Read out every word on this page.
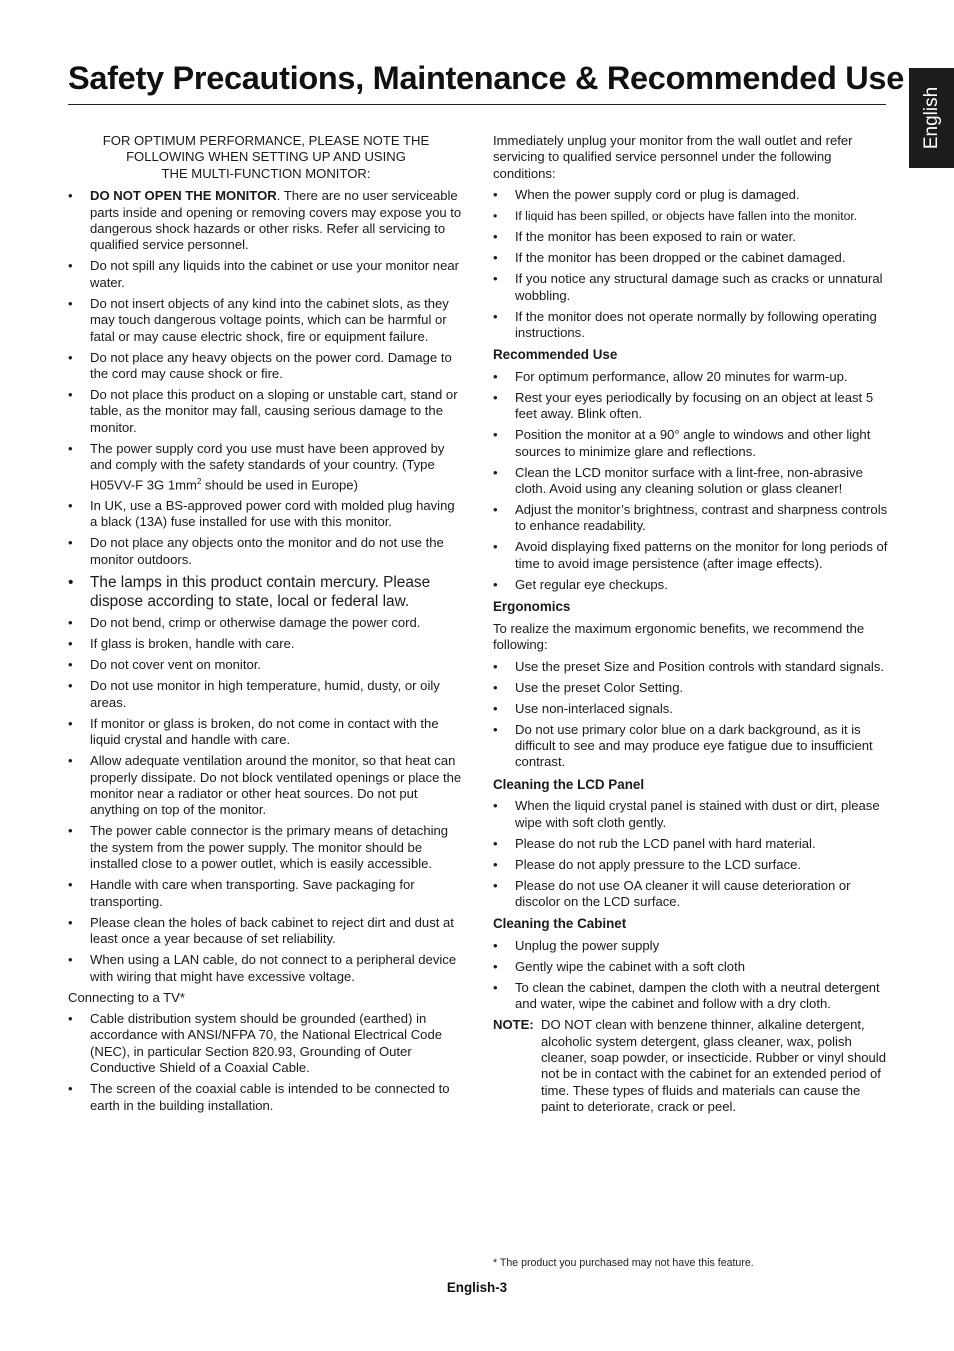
Safety Precautions, Maintenance & Recommended Use
English
FOR OPTIMUM PERFORMANCE, PLEASE NOTE THE
FOLLOWING WHEN SETTING UP AND USING
THE MULTI-FUNCTION MONITOR:
• DO NOT OPEN THE MONITOR. There are no user serviceable parts inside and opening or removing covers may expose you to dangerous shock hazards or other risks. Refer all servicing to qualified service personnel.
• Do not spill any liquids into the cabinet or use your monitor near water.
• Do not insert objects of any kind into the cabinet slots, as they may touch dangerous voltage points, which can be harmful or fatal or may cause electric shock, fire or equipment failure.
• Do not place any heavy objects on the power cord. Damage to the cord may cause shock or fire.
• Do not place this product on a sloping or unstable cart, stand or table, as the monitor may fall, causing serious damage to the monitor.
• The power supply cord you use must have been approved by and comply with the safety standards of your country. (Type H05VV-F 3G $1mm^2$ should be used in Europe)
• In UK, use a BS-approved power cord with molded plug having a black (13A) fuse installed for use with this monitor.
• Do not place any objects onto the monitor and do not use the monitor outdoors.
• The lamps in this product contain mercury. Please dispose according to state, local or federal law.
• Do not bend, crimp or otherwise damage the power cord.
• If glass is broken, handle with care.
• Do not cover vent on monitor.
• Do not use monitor in high temperature, humid, dusty, or oily areas.
• If monitor or glass is broken, do not come in contact with the liquid crystal and handle with care.
• Allow adequate ventilation around the monitor, so that heat can properly dissipate. Do not block ventilated openings or place the monitor near a radiator or other heat sources. Do not put anything on top of the monitor.
• The power cable connector is the primary means of detaching the system from the power supply. The monitor should be installed close to a power outlet, which is easily accessible.
• Handle with care when transporting. Save packaging for transporting.
• Please clean the holes of back cabinet to reject dirt and dust at least once a year because of set reliability.
• When using a LAN cable, do not connect to a peripheral device with wiring that might have excessive voltage.
Connecting to a TV*
• Cable distribution system should be grounded (earthed) in accordance with ANSI/NFPA 70, the National Electrical Code (NEC), in particular Section 820.93, Grounding of Outer Conductive Shield of a Coaxial Cable.
• The screen of the coaxial cable is intended to be connected to earth in the building installation.
Immediately unplug your monitor from the wall outlet and refer servicing to qualified service personnel under the following conditions:
• When the power supply cord or plug is damaged.
• If liquid has been spilled, or objects have fallen into the monitor.
• If the monitor has been exposed to rain or water.
• If the monitor has been dropped or the cabinet damaged.
• If you notice any structural damage such as cracks or unnatural wobbling.
• If the monitor does not operate normally by following operating instructions.
Recommended Use
• For optimum performance, allow 20 minutes for warm-up.
• Rest your eyes periodically by focusing on an object at least 5 feet away. Blink often.
• Position the monitor at a 90° angle to windows and other light sources to minimize glare and reflections.
• Clean the LCD monitor surface with a lint-free, non-abrasive cloth. Avoid using any cleaning solution or glass cleaner!
• Adjust the monitor’s brightness, contrast and sharpness controls to enhance readability.
• Avoid displaying fixed patterns on the monitor for long periods of time to avoid image persistence (after image effects).
• Get regular eye checkups.
Ergonomics
To realize the maximum ergonomic benefits, we recommend the following:
• Use the preset Size and Position controls with standard signals.
• Use the preset Color Setting.
• Use non-interlaced signals.
• Do not use primary color blue on a dark background, as it is difficult to see and may produce eye fatigue due to insufficient contrast.
Cleaning the LCD Panel
• When the liquid crystal panel is stained with dust or dirt, please wipe with soft cloth gently.
• Please do not rub the LCD panel with hard material.
• Please do not apply pressure to the LCD surface.
• Please do not use OA cleaner it will cause deterioration or discolor on the LCD surface.
Cleaning the Cabinet
• Unplug the power supply
• Gently wipe the cabinet with a soft cloth
• To clean the cabinet, dampen the cloth with a neutral detergent and water, wipe the cabinet and follow with a dry cloth.
NOTE: DO NOT clean with benzene thinner, alkaline detergent, alcoholic system detergent, glass cleaner, wax, polish cleaner, soap powder, or insecticide. Rubber or vinyl should not be in contact with the cabinet for an extended period of time. These types of fluids and materials can cause the paint to deteriorate, crack or peel.
* The product you purchased may not have this feature.
English-3
